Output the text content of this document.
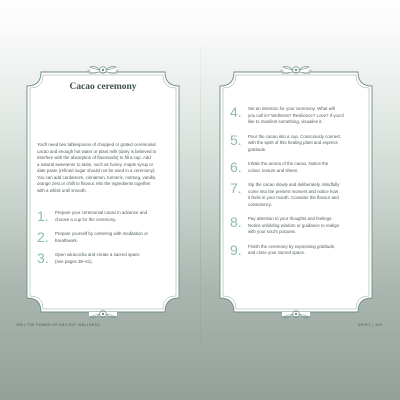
Cacao ceremony

You'll need two tablespoons of chopped or grated ceremonial
cacao and enough hot water or plant milk (dairy is believed to
interfere with the absorption of flavonoids) to fill a cup. Add
a natural sweetener to taste, such as honey, maple syrup or
date paste (refined sugar should not be used in a ceremony).
You can add cardamom, cinnamon, turmeric, nutmeg, vanilla,
orange zest or chilli to flavour. Mix the ingredients together
with a whisk until smooth.

1. Prepare your ceremonial cacao in advance and
choose a cup for the ceremony.

2. Prepare yourself by centering with meditation or
breathwork.

3. Open wiracocha and create a sacred space
(see pages 39–41).

4. Set an intention for your ceremony. What will
you call in? Wellness? Resilience? Love? If you'd
like to manifest something, visualise it.

5. Pour the cacao into a cup. Consciously connect
with the spirit of this healing plant and express
gratitude.

6. Inhale the aroma of the cacao. Notice the
colour, texture and sheen.

7. Sip the cacao slowly and deliberately. Mindfully
come into the present moment and notice how
it feels in your mouth. Consider the flavour and
consistency.

8. Pay attention to your thoughts and feelings.
Notice unfolding wisdom or guidance to realign
with your soul's purpose.

9. Finish the ceremony by expressing gratitude,
and close your sacred space.

158 | THE POWER OF ANCIENT WELLNESS	SPIRIT | 159
